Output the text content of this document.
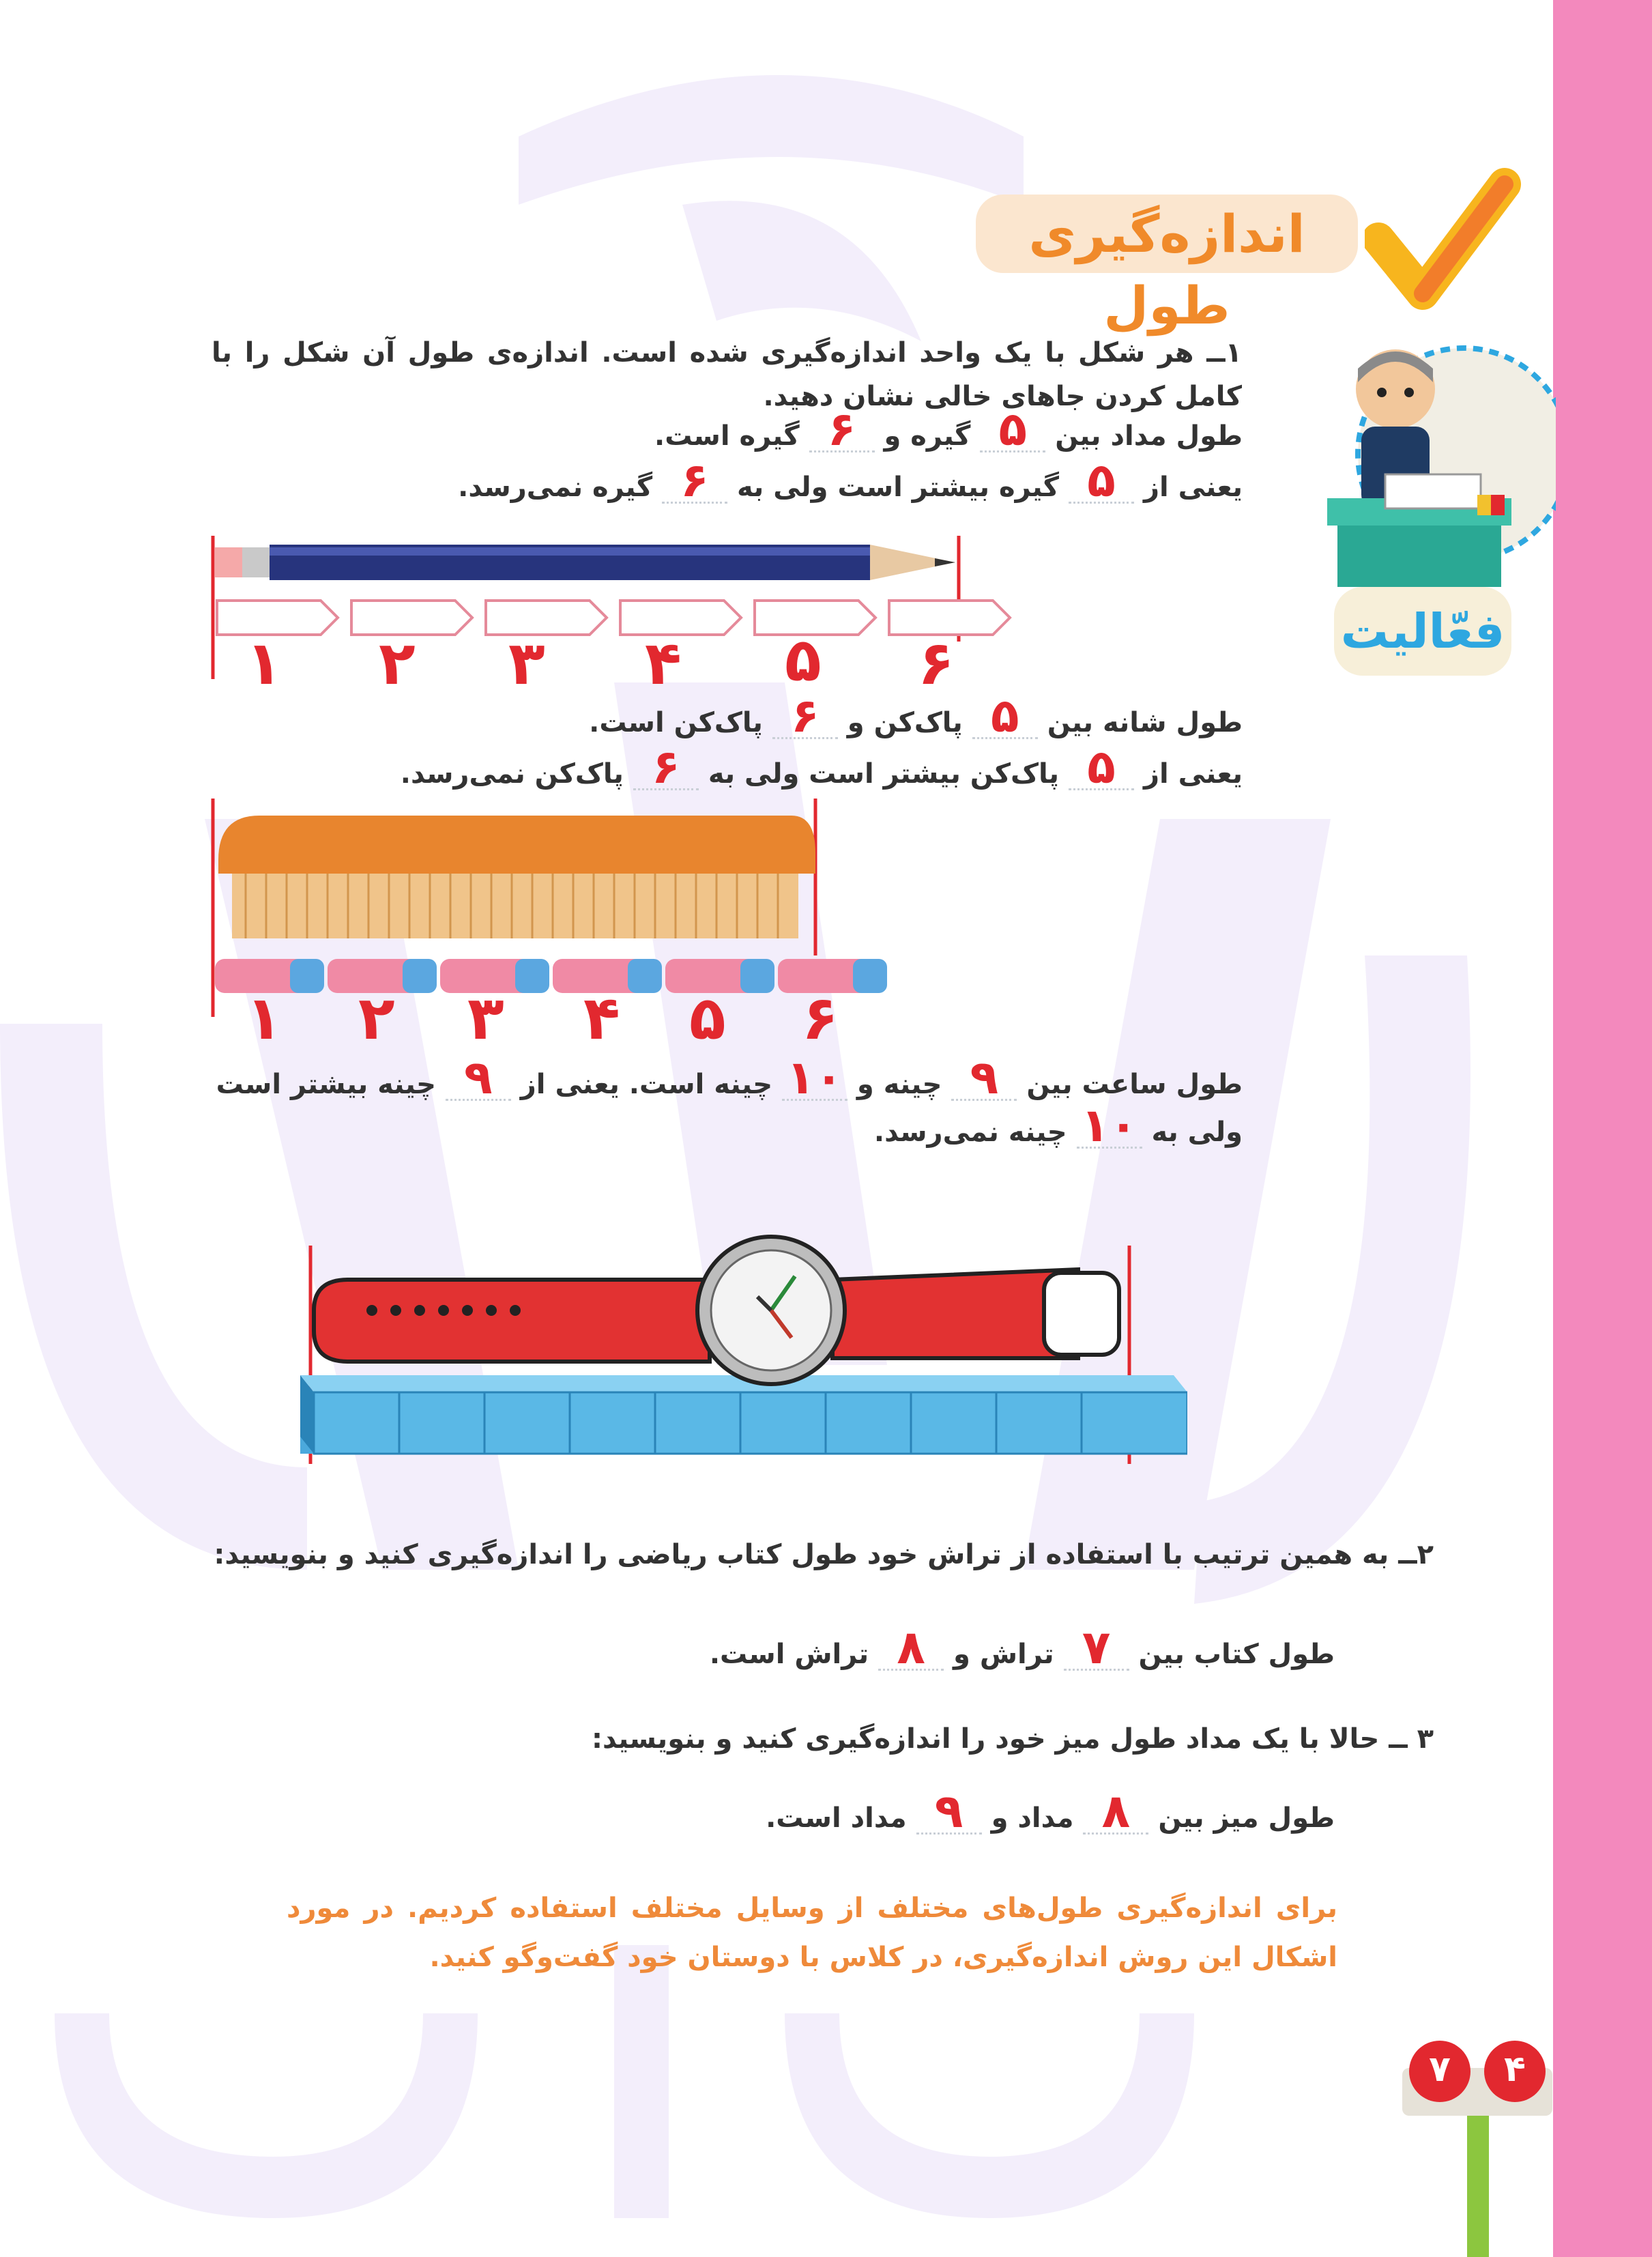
اندازه‌گیری طول
فعّالیت
۱ــ هر شکل با یک واحد اندازه‌گیری شده است. اندازه‌ی طول آن شکل را با کامل کردن جاهای خالی نشان دهید.
طول مداد بین ۵ گیره و ۶ گیره است.
یعنی از ۵ گیره بیشتر است ولی به ۶ گیره نمی‌رسد.
۱ ۲ ۳ ۴ ۵ ۶
طول شانه بین ۵ پاک‌کن و ۶ پاک‌کن است.
یعنی از ۵ پاک‌کن بیشتر است ولی به ۶ پاک‌کن نمی‌رسد.
۱ ۲ ۳ ۴ ۵ ۶
طول ساعت بین ۹ چینه و ۱۰ چینه است. یعنی از ۹ چینه بیشتر است
ولی به ۱۰ چینه نمی‌رسد.
۲ــ به همین ترتیب با استفاده از تراش خود طول کتاب ریاضی را اندازه‌گیری کنید و بنویسید:
طول کتاب بین ۷ تراش و ۸ تراش است.
۳ ــ حالا با یک مداد طول میز خود را اندازه‌گیری کنید و بنویسید:
طول میز بین ۸ مداد و ۹ مداد است.
برای اندازه‌گیری طول‌های مختلف از وسایل مختلف استفاده کردیم. در مورد اشکال این روش اندازه‌گیری، در کلاس با دوستان خود گفت‌وگو کنید.
۷	۴
